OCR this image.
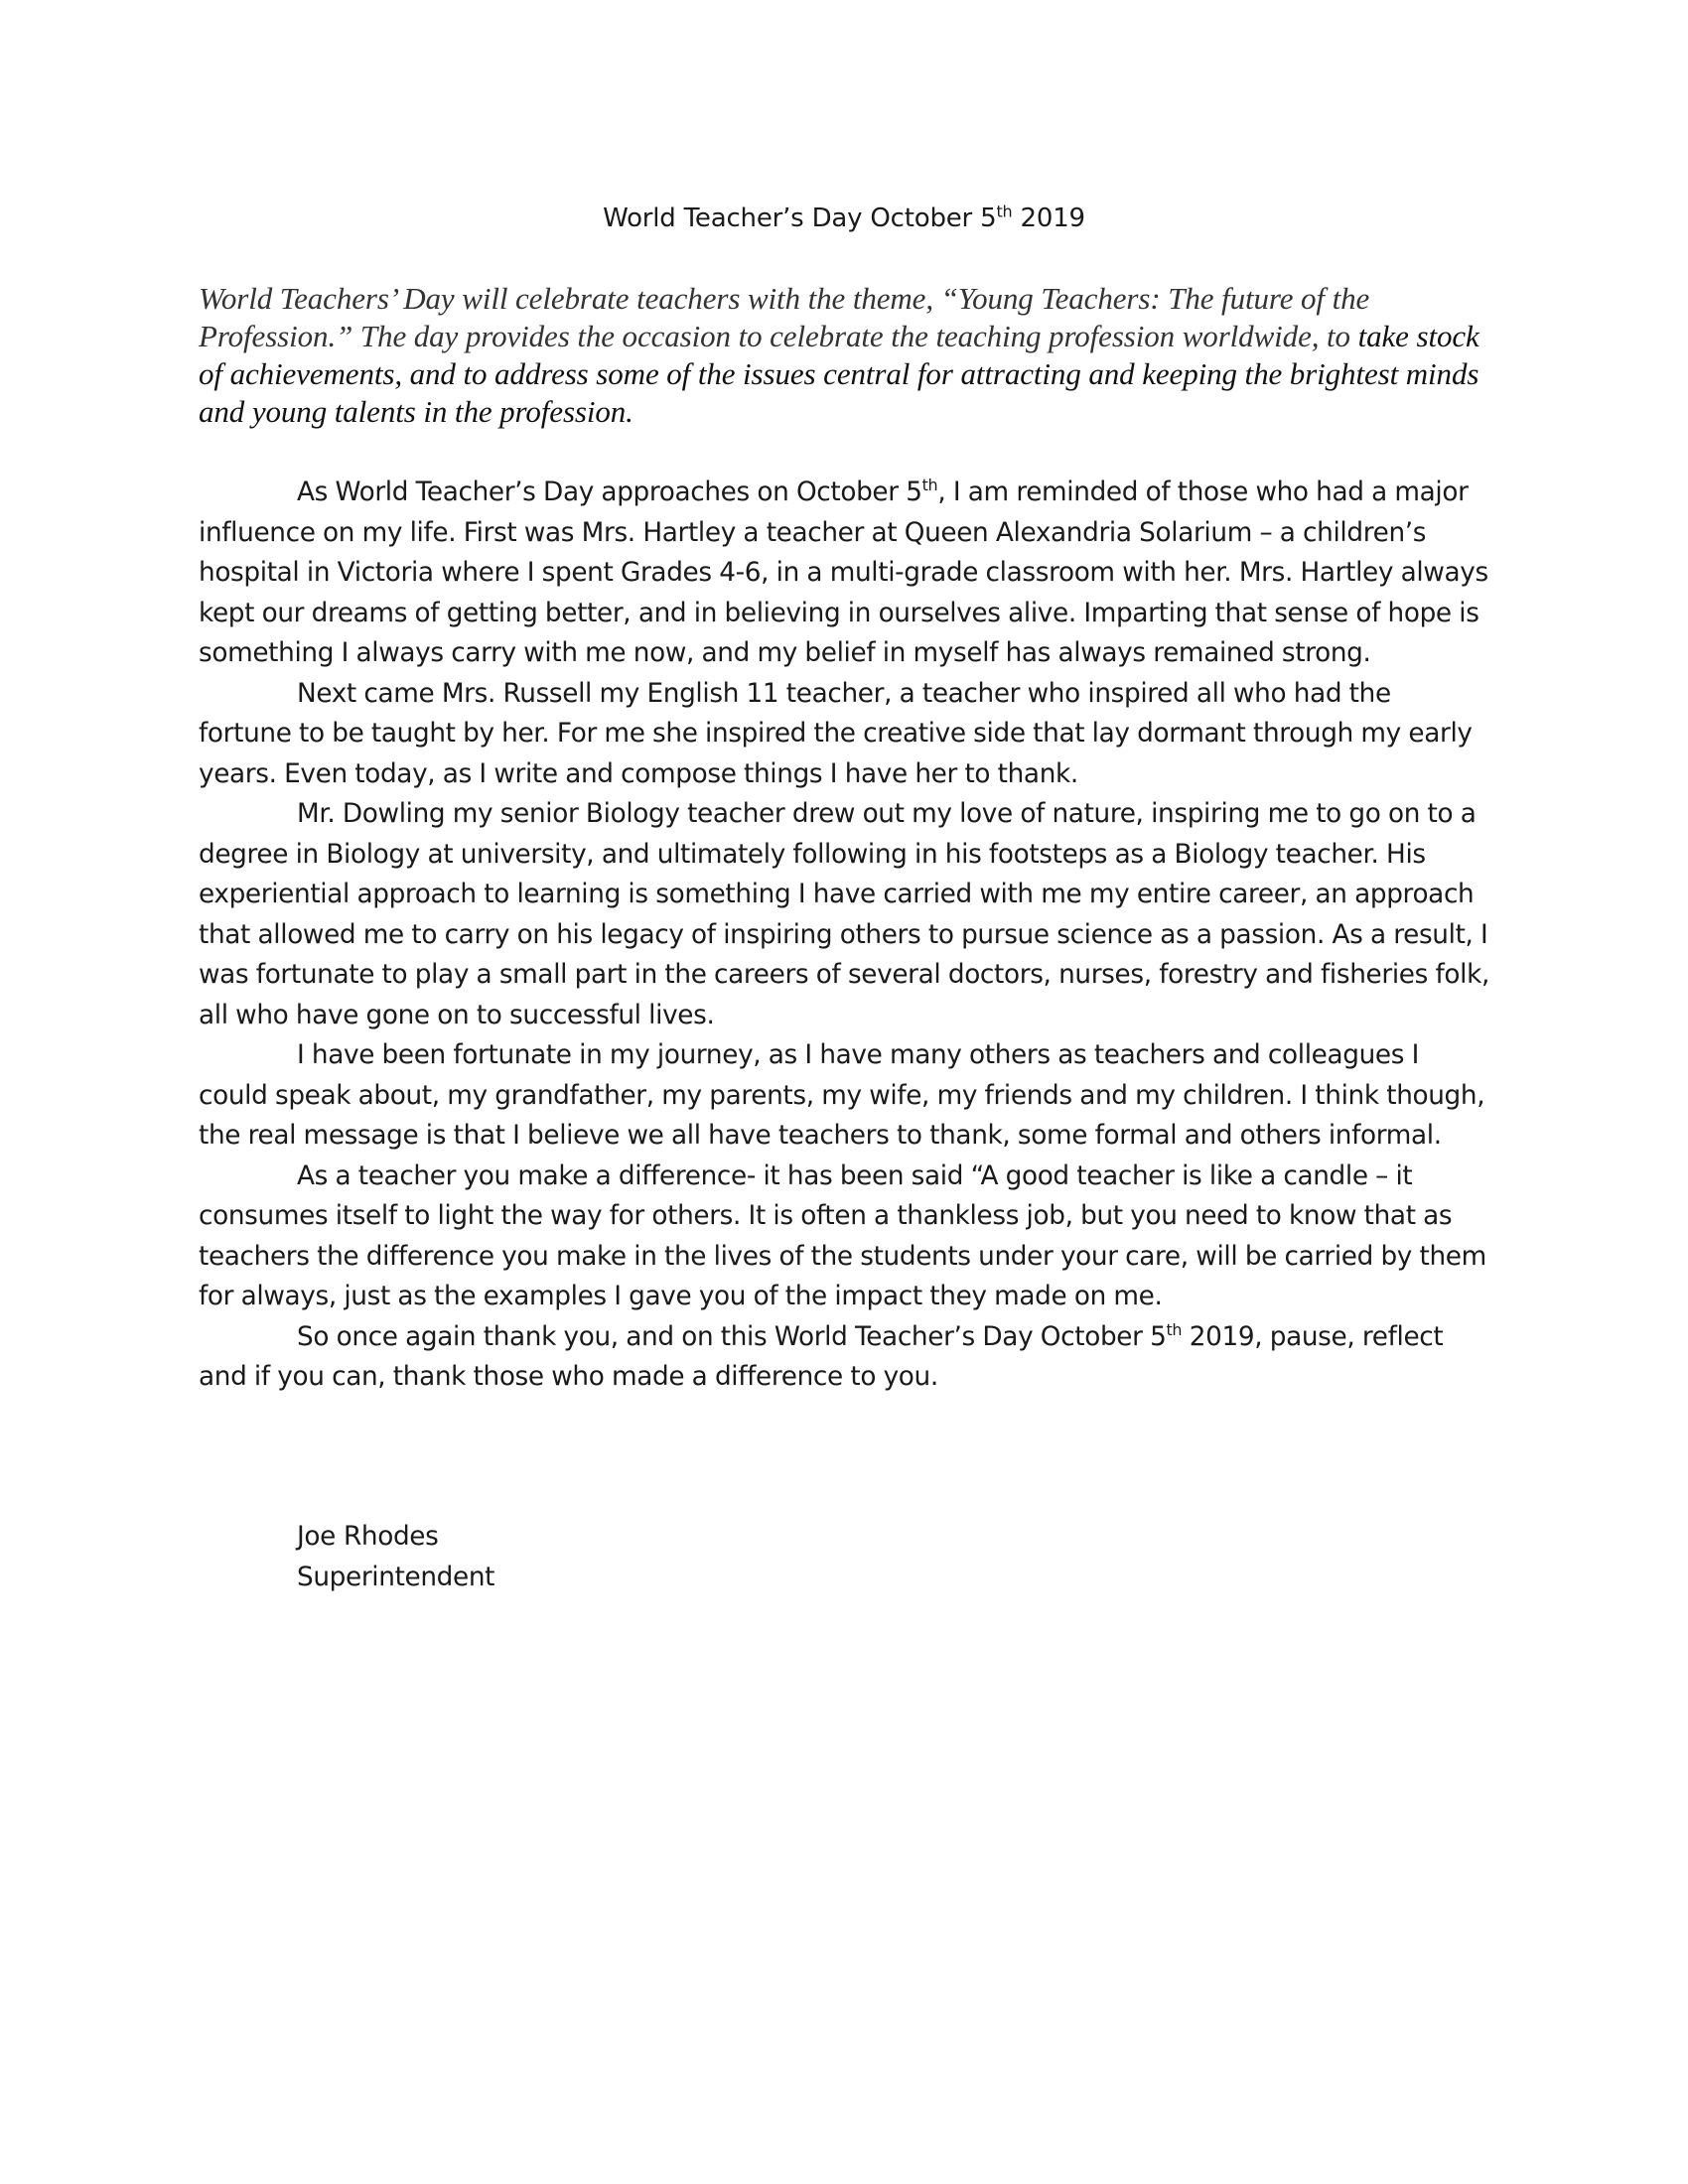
World Teacher’s Day October 5th 2019
World Teachers’ Day will celebrate teachers with the theme, “Young Teachers: The future of the Profession.” The day provides the occasion to celebrate the teaching profession worldwide, to take stock of achievements, and to address some of the issues central for attracting and keeping the brightest minds and young talents in the profession.

As World Teacher’s Day approaches on October 5th, I am reminded of those who had a major influence on my life. First was Mrs. Hartley a teacher at Queen Alexandria Solarium – a children’s hospital in Victoria where I spent Grades 4-6, in a multi-grade classroom with her. Mrs. Hartley always kept our dreams of getting better, and in believing in ourselves alive. Imparting that sense of hope is something I always carry with me now, and my belief in myself has always remained strong.

Next came Mrs. Russell my English 11 teacher, a teacher who inspired all who had the fortune to be taught by her. For me she inspired the creative side that lay dormant through my early years. Even today, as I write and compose things I have her to thank.

Mr. Dowling my senior Biology teacher drew out my love of nature, inspiring me to go on to a degree in Biology at university, and ultimately following in his footsteps as a Biology teacher. His experiential approach to learning is something I have carried with me my entire career, an approach that allowed me to carry on his legacy of inspiring others to pursue science as a passion. As a result, I was fortunate to play a small part in the careers of several doctors, nurses, forestry and fisheries folk, all who have gone on to successful lives.

I have been fortunate in my journey, as I have many others as teachers and colleagues I could speak about, my grandfather, my parents, my wife, my friends and my children. I think though, the real message is that I believe we all have teachers to thank, some formal and others informal.

As a teacher you make a difference- it has been said “A good teacher is like a candle – it consumes itself to light the way for others. It is often a thankless job, but you need to know that as teachers the difference you make in the lives of the students under your care, will be carried by them for always, just as the examples I gave you of the impact they made on me.

So once again thank you, and on this World Teacher’s Day October 5th 2019, pause, reflect and if you can, thank those who made a difference to you.

Joe Rhodes
Superintendent
